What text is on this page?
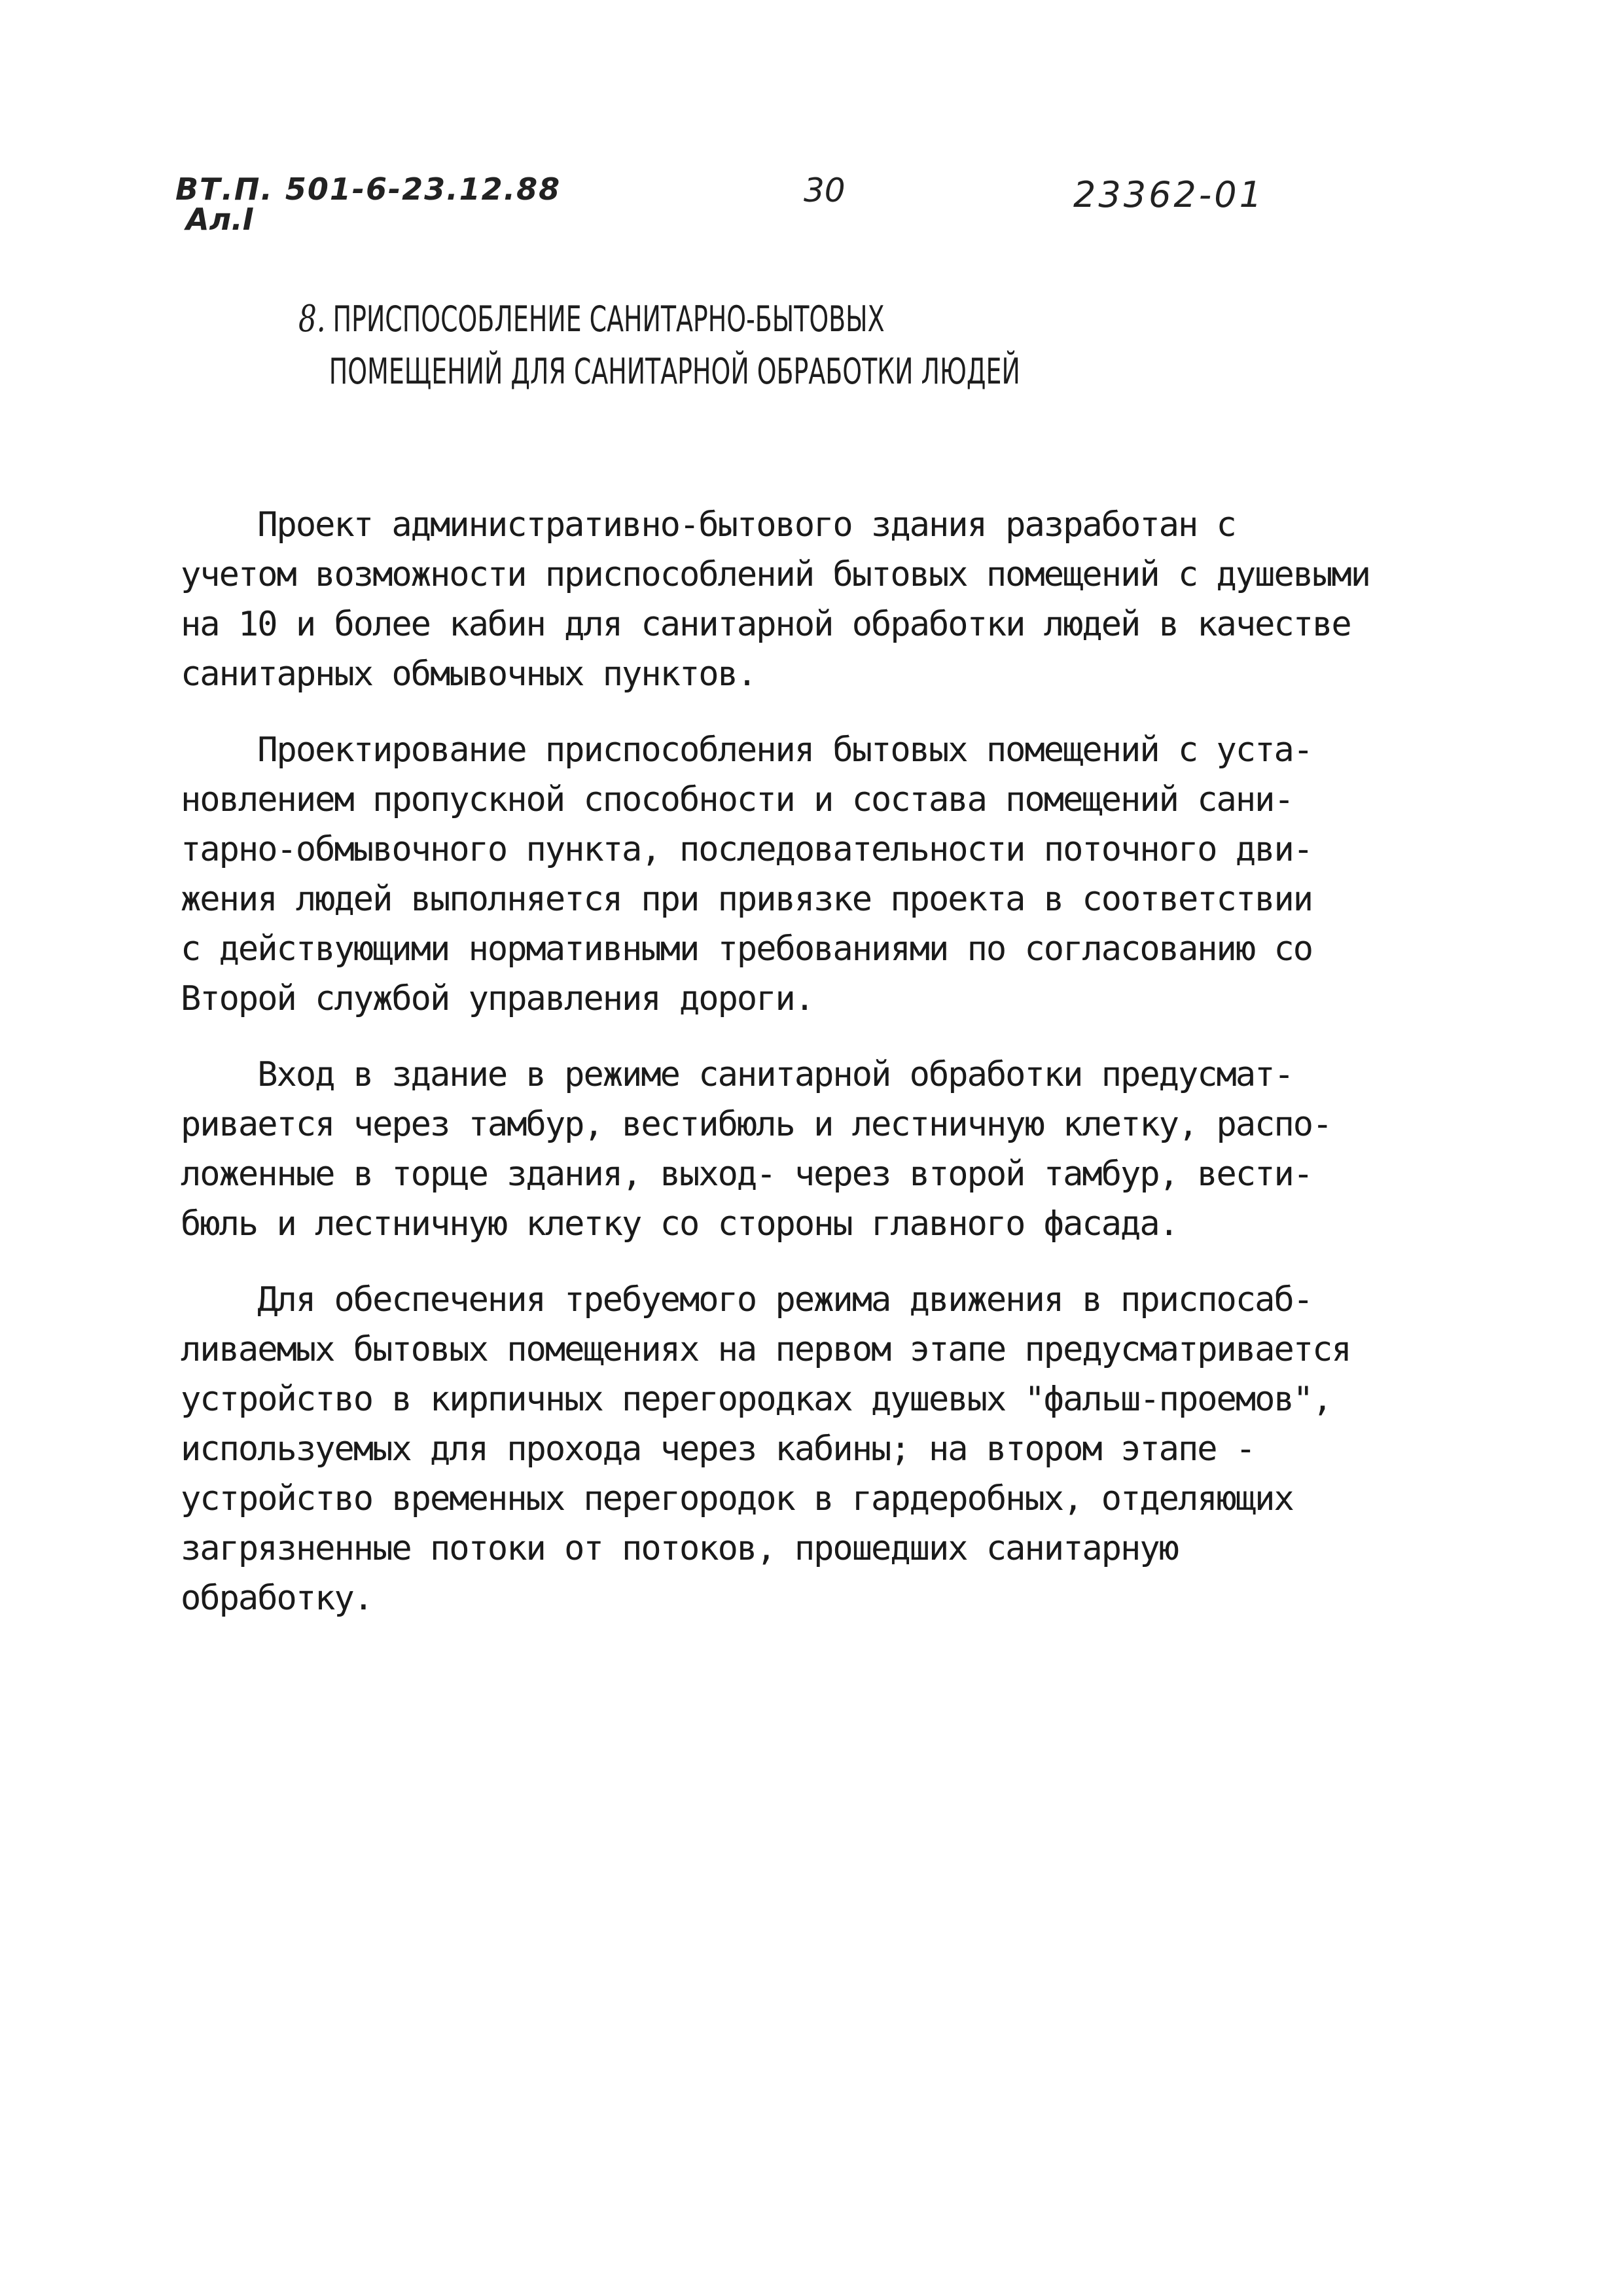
ВТ.П. 501-6-23.12.88
Ал.I
30	23362-01
8. ПРИСПОСОБЛЕНИЕ САНИТАРНО-БЫТОВЫХ
ПОМЕЩЕНИЙ ДЛЯ САНИТАРНОЙ ОБРАБОТКИ ЛЮДЕЙ

Проект административно-бытового здания разработан с
учетом возможности приспособлений бытовых помещений с душевыми
на 10 и более кабин для санитарной обработки людей в качестве
санитарных обмывочных пунктов.

Проектирование приспособления бытовых помещений с уста-
новлением пропускной способности и состава помещений сани-
тарно-обмывочного пункта, последовательности поточного дви-
жения людей выполняется при привязке проекта в соответствии
с действующими нормативными требованиями по согласованию со
Второй службой управления дороги.

Вход в здание в режиме санитарной обработки предусмат-
ривается через тамбур, вестибюль и лестничную клетку, распо-
ложенные в торце здания, выход- через второй тамбур, вести-
бюль и лестничную клетку со стороны главного фасада.

Для обеспечения требуемого режима движения в приспосаб-
ливаемых бытовых помещениях на первом этапе предусматривается
устройство в кирпичных перегородках душевых "фальш-проемов",
используемых для прохода через кабины; на втором этапе -
устройство временных перегородок в гардеробных, отделяющих
загрязненные потоки от потоков, прошедших санитарную
обработку.
